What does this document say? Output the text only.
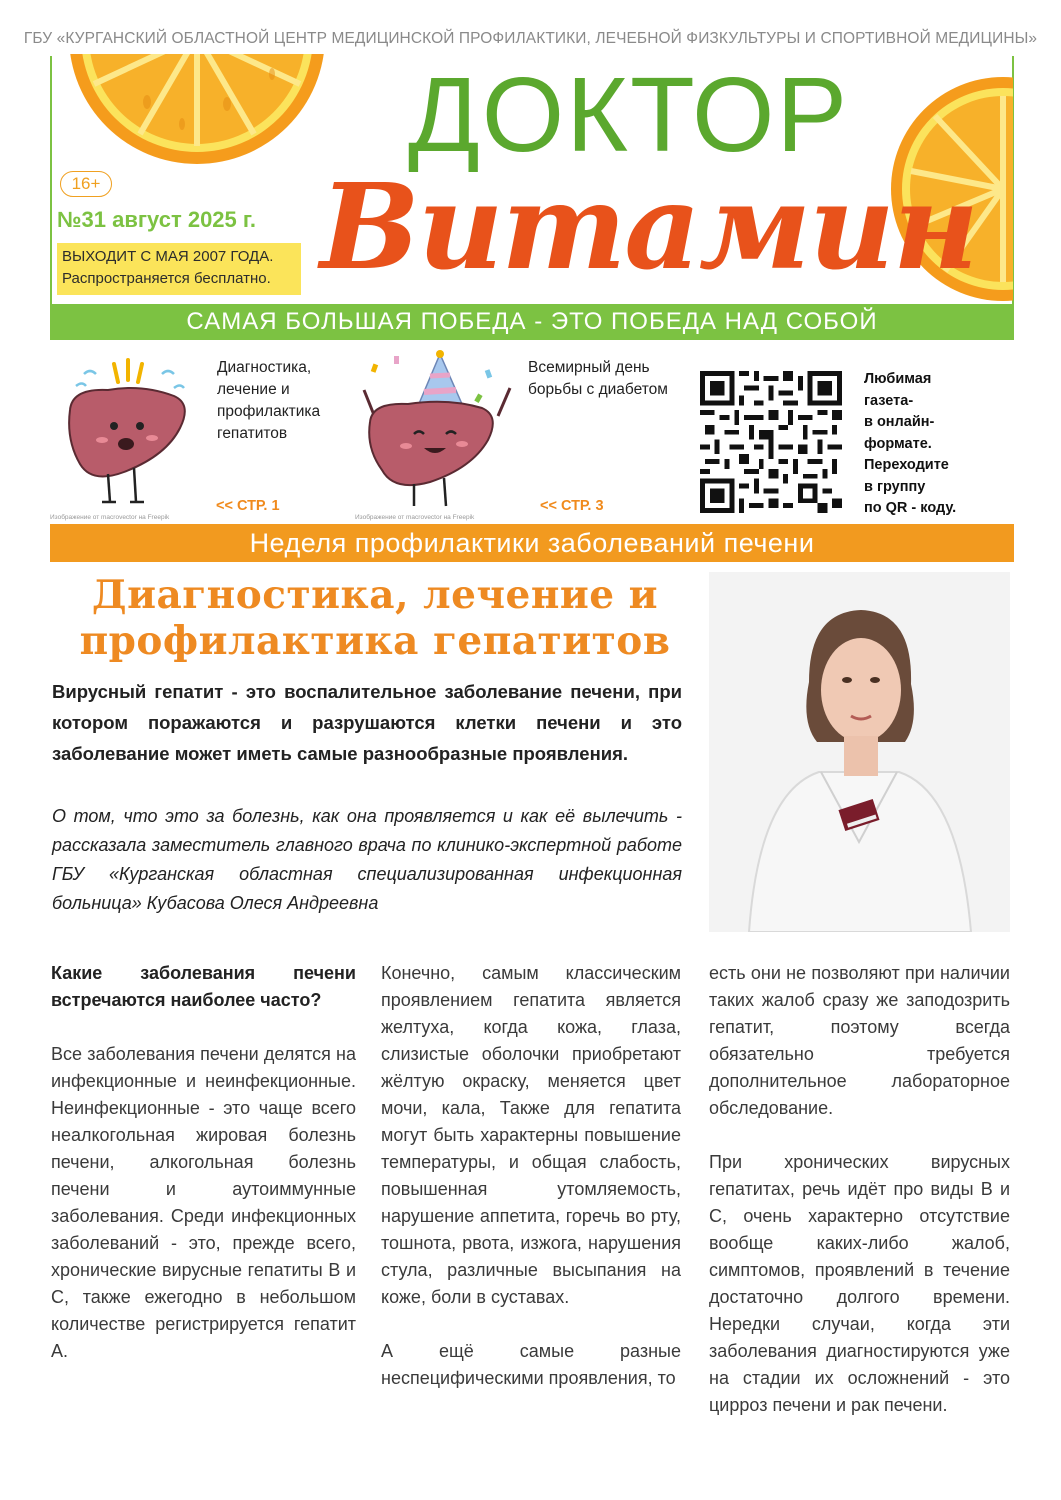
ГБУ «КУРГАНСКИЙ ОБЛАСТНОЙ ЦЕНТР МЕДИЦИНСКОЙ ПРОФИЛАКТИКИ, ЛЕЧЕБНОЙ ФИЗКУЛЬТУРЫ И СПОРТИВНОЙ МЕДИЦИНЫ»
16+
№31 август 2025 г.
ВЫХОДИТ С МАЯ 2007 ГОДА.
Распространяется бесплатно.
ДОКТОР
Витамин
САМАЯ БОЛЬШАЯ ПОБЕДА - ЭТО ПОБЕДА НАД СОБОЙ
Диагностика,
лечение и
профилактика
гепатитов
<< СТР. 1
Изображение от macrovector на Freepik
Всемирный день
борьбы с диабетом
<< СТР. 3
Изображение от macrovector на Freepik
Любимая
газета-
в онлайн-
формате.
Переходите
в группу
по QR - коду.
Неделя профилактики заболеваний печени
Диагностика, лечение и
профилактика гепатитов
Вирусный гепатит - это воспалительное заболевание печени, при котором поражаются и разрушаются клетки печени и это заболевание может иметь самые разнообразные проявления.
О том, что это за болезнь, как она проявляется и как её вылечить - рассказала заместитель главного врача по клинико-экспертной работе ГБУ «Курганская областная специализированная инфекционная больница» Кубасова Олеся Андреевна
Какие заболевания печени встречаются наиболее часто?

Все заболевания печени делятся на инфекционные и неинфекционные. Неинфекционные - это чаще всего неалкогольная жировая болезнь печени, алкогольная болезнь печени и аутоиммунные заболевания. Среди инфекционных заболеваний - это, прежде всего, хронические вирусные гепатиты В и С, также ежегодно в небольшом количестве регистрируется гепатит А.

Конечно, самым классическим проявлением гепатита является желтуха, когда кожа, глаза, слизистые оболочки приобретают жёлтую окраску, меняется цвет мочи, кала, Также для гепатита могут быть характерны повышение температуры, и общая слабость, повышенная утомляемость, нарушение аппетита, горечь во рту, тошнота, рвота, изжога, нарушения стула, различные высыпания на коже, боли в суставах.

А ещё самые разные неспецифическими проявления, то

есть они не позволяют при наличии таких жалоб сразу же заподозрить гепатит, поэтому всегда обязательно требуется дополнительное лабораторное обследование.

При хронических вирусных гепатитах, речь идёт про виды В и С, очень характерно отсутствие вообще каких-либо жалоб, симптомов, проявлений в течение достаточно долгого времени. Нередки случаи, когда эти заболевания диагностируются уже на стадии их осложнений - это цирроз печени и рак печени.
